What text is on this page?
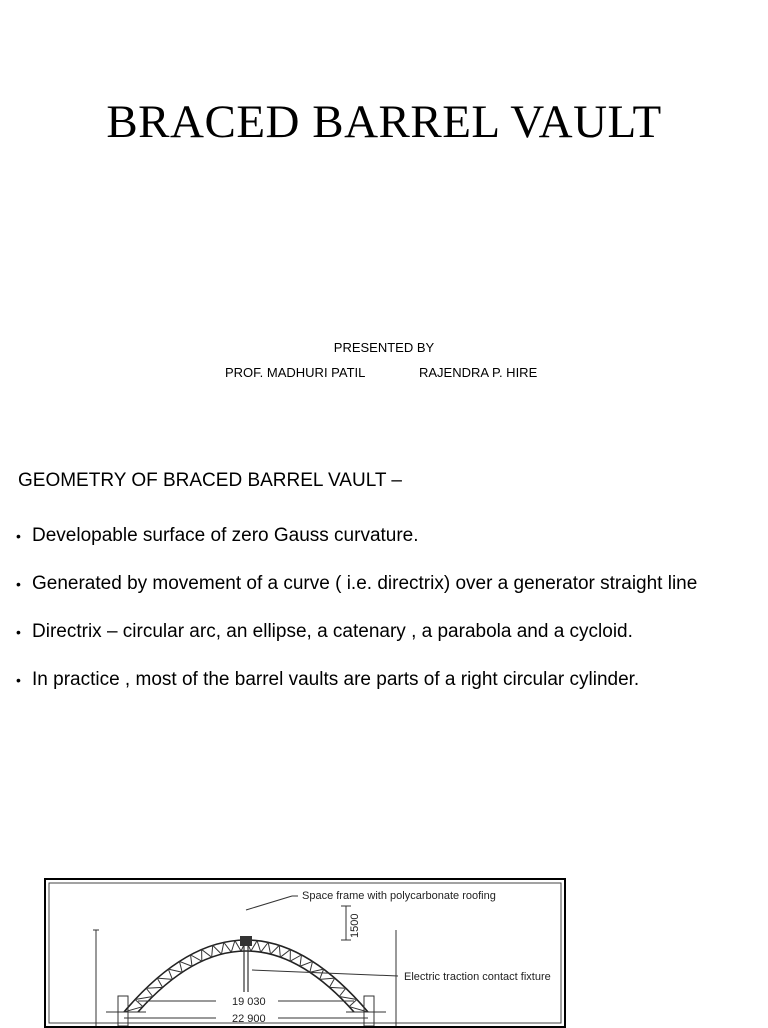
BRACED BARREL VAULT
PRESENTED BY
PROF. MADHURI PATIL	RAJENDRA P. HIRE
GEOMETRY OF BRACED BARREL VAULT –
• Developable surface of zero Gauss curvature.
• Generated by movement of a curve ( i.e. directrix) over a generator straight line
• Directrix – circular arc, an ellipse, a catenary , a parabola and a cycloid.
• In practice , most of the barrel vaults are parts of a right circular cylinder.
1500
Space frame with polycarbonate roofing
Electric traction contact fixture
19 030
22 900
